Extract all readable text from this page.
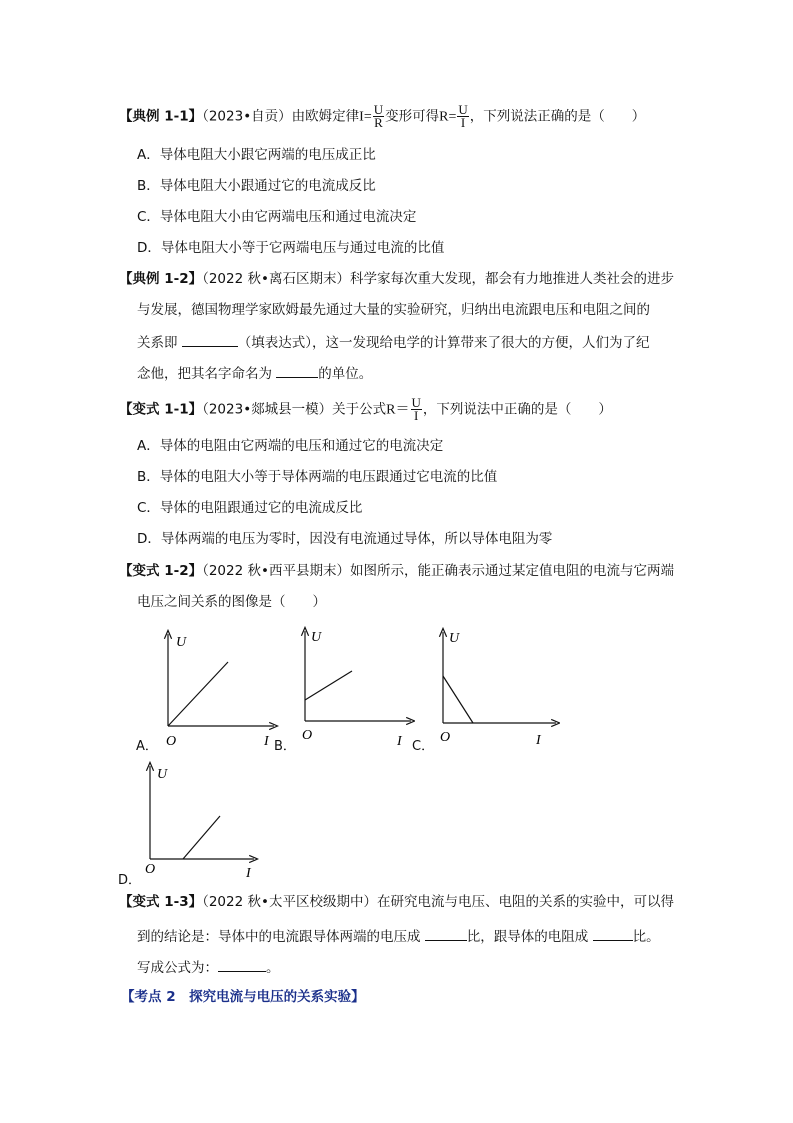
【典例 1-1】（2023•自贡）由欧姆定律$I= \frac{U}{R}$ 变形可得$R= \frac{U}{I}$ ，下列说法正确的是（　　）
A．导体电阻大小跟它两端的电压成正比
B．导体电阻大小跟通过它的电流成反比
C．导体电阻大小由它两端电压和通过电流决定
D．导体电阻大小等于它两端电压与通过电流的比值
【典例 1-2】（2022 秋•离石区期末）科学家每次重大发现，都会有力地推进人类社会的进步
与发展，德国物理学家欧姆最先通过大量的实验研究，归纳出电流跟电压和电阻之间的
关系即	（填表达式），这一发现给电学的计算带来了很大的方便，人们为了纪
念他，把其名字命名为	的单位。
【变式 1-1】（2023•郯城县一模）关于公式$R= \frac{U}{I}$ ，下列说法中正确的是（　　）
A．导体的电阻由它两端的电压和通过它的电流决定
B．导体的电阻大小等于导体两端的电压跟通过它电流的比值
C．导体的电阻跟通过它的电流成反比
D．导体两端的电压为零时，因没有电流通过导体，所以导体电阻为零
【变式 1-2】（2022 秋•西平县期末）如图所示，能正确表示通过某定值电阻的电流与它两端
电压之间关系的图像是（　　）
U
O	I
A．
U
O	I
B．
U
O	I
C．
U
O	I
D．
【变式 1-3】（2022 秋•太平区校级期中）在研究电流与电压、电阻的关系的实验中，可以得
到的结论是：导体中的电流跟导体两端的电压成	比，跟导体的电阻成	比。
写成公式为：	。
【考点 2　探究电流与电压的关系实验】
